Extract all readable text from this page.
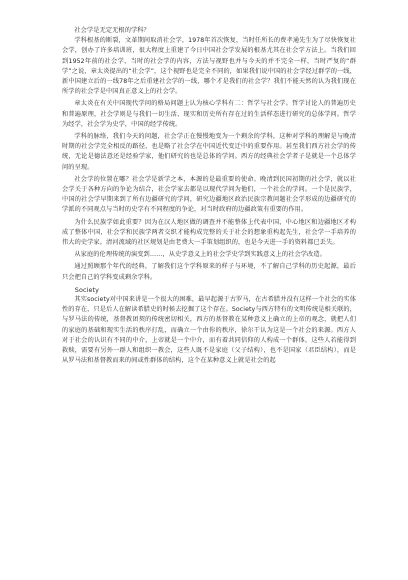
社会学是无定无根的学科？

学科根基的断裂，文革期间取消社会学，1978年首次恢复，当时任所长的费孝通先生为了尽快恢复社会学，创办了许多培训班，很大程度上重建了今日中国社会学发展的根基尤其在社会学方法上。当我们回到1952年前的社会学，当时的社会学的内容，方法与视野也并与今天的并不完全一样，当时严复的“群学”之说，章太炎提出的“社会学”，这个视野也是完全不同的，如果我们说中国的社会学经过群学的一线，新中国建立后的一线78年之后重建社会学的一线，哪个才是我们的社会学？我们不能天然的认为我们现在所学的社会学是中国真正意义上的社会学。

章太炎在有关中国现代学问的格局问题上认为核心学科有二：哲学与社会学。哲学讨论人的普遍历史和普遍原理，社会学则是与我们一切生活、现实和历史所有存在过的生活样态进行研究的总体学问。哲学为经学，社会学为史学，中国的经学传统。

学科的脉络，我们今天的问题，社会学正在慢慢地变为一个剩余的学科，这种对学科的理解是与晚清时期的社会学完全相反的路径，也是略了社会学在中国近代变迁中的重要作用。甚至我们西方社会学的传统，无论是德法意还是经验学家，他们研究的也是总体的学问。西方的经典社会学者子是就是一个总体学问的呈现。

社会学的位置在哪？社会学是新学之本，本源的是最重要的使命。晚清到民国初期的社会学，就以社会学关于各种方向的争论为结合，社会学家去都是以现代学问为他们，一个社会的学问。一个是民族学，中国的社会学早期来到了所有边疆研究的学问，研究边疆地区政治民族宗教问题社会学形成的边疆研究的学派的不同观点与当时的史学有不同程度的争论，对当时政府的边疆政策有重要的作用。

为什么民族学如此重要？因为在汉人地区做的调查并不能整体上代表中国，中心地区和边疆地区才构成了整体中国，社会学和民族学两者交织才能构成完整的关于社会的想象重构起先生，社会学一手培养的伟大的史学家。清河流域的社区规划是由老费大一手策划组织的，也是今天进一手的资料都已丢失。

从家庭的伦理传统的演变到……，从史学意义上的社会学史学到实践意义上的社会学改造。

通过照顾那个年代的经典，了解我们这个学科原来的样子与环境，不了解自己学科的历史起源，最后只会把自己的学科变成剩余学科。

Society

其实society对中国来讲是一个很大的困难，最早起源于古罗马，在古希腊并没有这样一个社会的实体性的存在，只是后人在解读希腊史的时候去挖掘了这个存在。Society与西方特有的文明传统是相关联的，与罗马法的传统，基督教团契的传统密切相关，西方的基督教在某种意义上确立的上帝的观念，就把人们的家庭的基础和现实生活的秩序打乱，而确立一个由你的秩序，徐尔干认为这是一个社会的来源。西方人对于社会的认识有不同的中介，上帝就是一个中介，而有着共同信仰的人构成一个群体，这些人若能得到救赎，需要有另外一群人和组织一教会，这些人既不是家庭（父子结构），也不是国家（君臣结构），而是从罗马法和基督教而来的间或性群体的结构，这个在某种意义上就是社会的起
